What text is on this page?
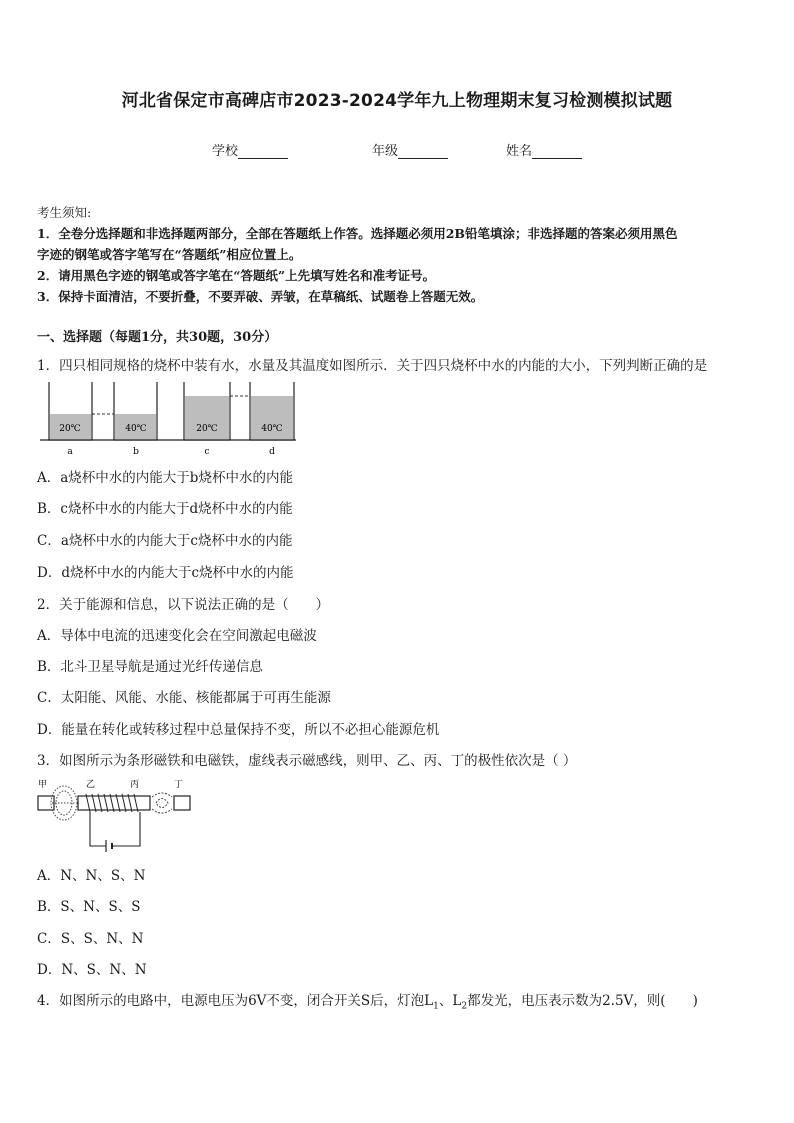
河北省保定市高碑店市2023-2024学年九上物理期末复习检测模拟试题
学校	年级	姓名
考生须知:
1．全卷分选择题和非选择题两部分，全部在答题纸上作答。选择题必须用2B铅笔填涂；非选择题的答案必须用黑色
字迹的钢笔或答字笔写在“答题纸”相应位置上。
2．请用黑色字迹的钢笔或答字笔在“答题纸”上先填写姓名和准考证号。
3．保持卡面清洁，不要折叠，不要弄破、弄皱，在草稿纸、试题卷上答题无效。
一、选择题（每题1分，共30题，30分）
1．四只相同规格的烧杯中装有水，水量及其温度如图所示．关于四只烧杯中水的内能的大小，下列判断正确的是
20℃
a
40℃
b
20℃
c
40℃
d
A．a烧杯中水的内能大于b烧杯中水的内能
B．c烧杯中水的内能大于d烧杯中水的内能
C．a烧杯中水的内能大于c烧杯中水的内能
D．d烧杯中水的内能大于c烧杯中水的内能
2．关于能源和信息，以下说法正确的是（　　）
A．导体中电流的迅速变化会在空间激起电磁波
B．北斗卫星导航是通过光纤传递信息
C．太阳能、风能、水能、核能都属于可再生能源
D．能量在转化或转移过程中总量保持不变，所以不必担心能源危机
3．如图所示为条形磁铁和电磁铁，虚线表示磁感线，则甲、乙、丙、丁的极性依次是（ ）
甲	乙	丙	丁
A．N、N、S、N
B．S、N、S、S
C．S、S、N、N
D．N、S、N、N
4．如图所示的电路中，电源电压为6V不变，闭合开关S后，灯泡$L_1$、$L_2$都发光，电压表示数为2.5V，则(　　)
